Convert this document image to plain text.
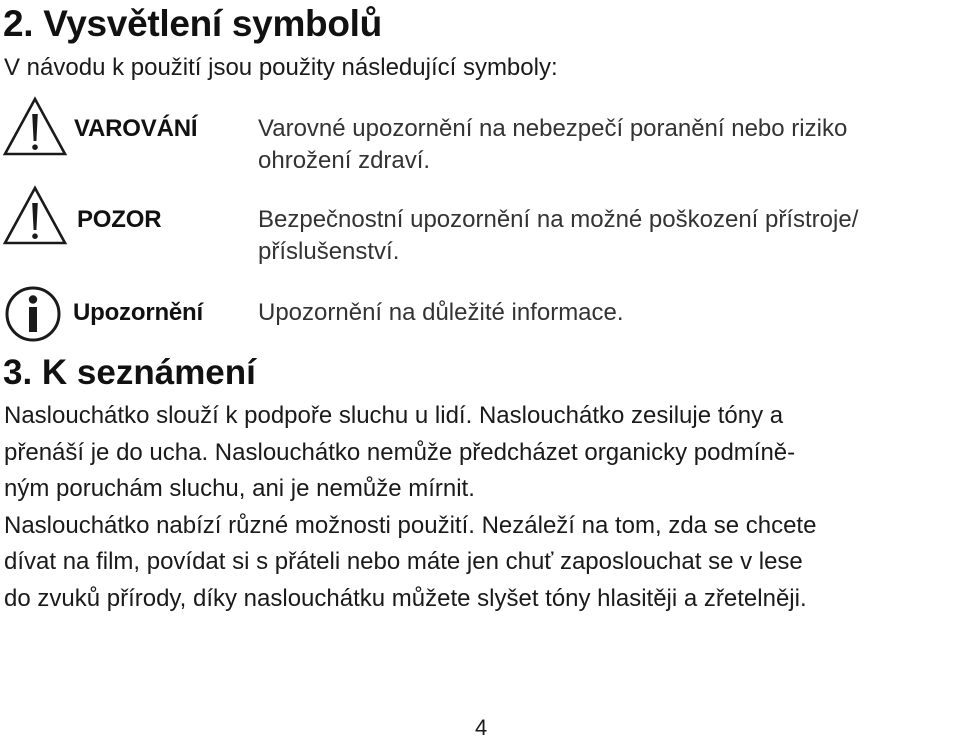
2. Vysvětlení symbolů

V návodu k použití jsou použity následující symboly:

VAROVÁNÍ	Varovné upozornění na nebezpečí poranění nebo riziko
ohrožení zdraví.

POZOR	Bezpečnostní upozornění na možné poškození přístroje/
příslušenství.

Upozornění Upozornění na důležité informace.

3. K seznámení

Naslouchátko slouží k podpoře sluchu u lidí. Naslouchátko zesiluje tóny a
přenáší je do ucha. Naslouchátko nemůže předcházet organicky podmíně-
ným poruchám sluchu, ani je nemůže mírnit.
Naslouchátko nabízí různé možnosti použití. Nezáleží na tom, zda se chcete
dívat na film, povídat si s přáteli nebo máte jen chuť zaposlouchat se v lese
do zvuků přírody, díky naslouchátku můžete slyšet tóny hlasitěji a zřetelněji.

4
